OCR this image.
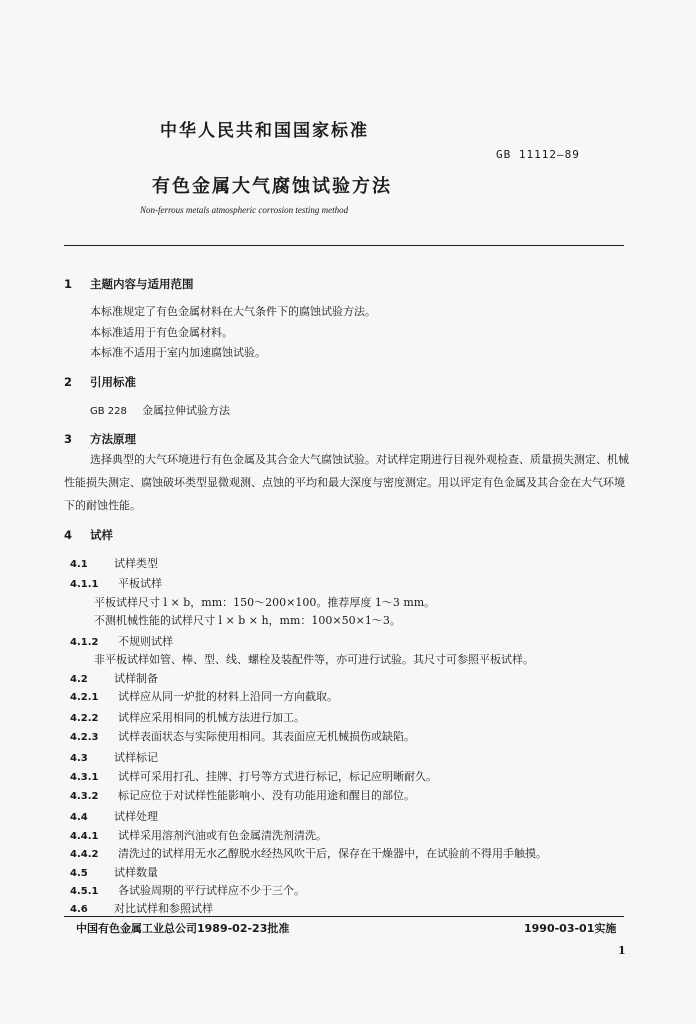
中华人民共和国国家标准
GB 11112—89
有色金属大气腐蚀试验方法
Non-ferrous metals atmospheric corrosion testing method
1 主题内容与适用范围
本标准规定了有色金属材料在大气条件下的腐蚀试验方法。
本标准适用于有色金属材料。
本标准不适用于室内加速腐蚀试验。
2 引用标准
GB 228 金属拉伸试验方法
3 方法原理
选择典型的大气环境进行有色金属及其合金大气腐蚀试验。对试样定期进行目视外观检查、质量损失测定、机械性能损失测定、腐蚀破坏类型显微观测、点蚀的平均和最大深度与密度测定。用以评定有色金属及其合金在大气环境下的耐蚀性能。
4 试样
4.1 试样类型
4.1.1 平板试样
平板试样尺寸 l × b，mm：150～200×100。推荐厚度 1～3 mm。
不测机械性能的试样尺寸 l × b × h，mm：100×50×1～3。
4.1.2 不规则试样
非平板试样如管、棒、型、线、螺栓及装配件等，亦可进行试验。其尺寸可参照平板试样。
4.2 试样制备
4.2.1 试样应从同一炉批的材料上沿同一方向截取。
4.2.2 试样应采用相同的机械方法进行加工。
4.2.3 试样表面状态与实际使用相同。其表面应无机械损伤或缺陷。
4.3 试样标记
4.3.1 试样可采用打孔、挂牌、打号等方式进行标记，标记应明晰耐久。
4.3.2 标记应位于对试样性能影响小、没有功能用途和醒目的部位。
4.4 试样处理
4.4.1 试样采用溶剂汽油或有色金属清洗剂清洗。
4.4.2 清洗过的试样用无水乙醇脱水经热风吹干后，保存在干燥器中，在试验前不得用手触摸。
4.5 试样数量
4.5.1 各试验周期的平行试样应不少于三个。
4.6 对比试样和参照试样
中国有色金属工业总公司1989-02-23批准	1990-03-01实施
1
